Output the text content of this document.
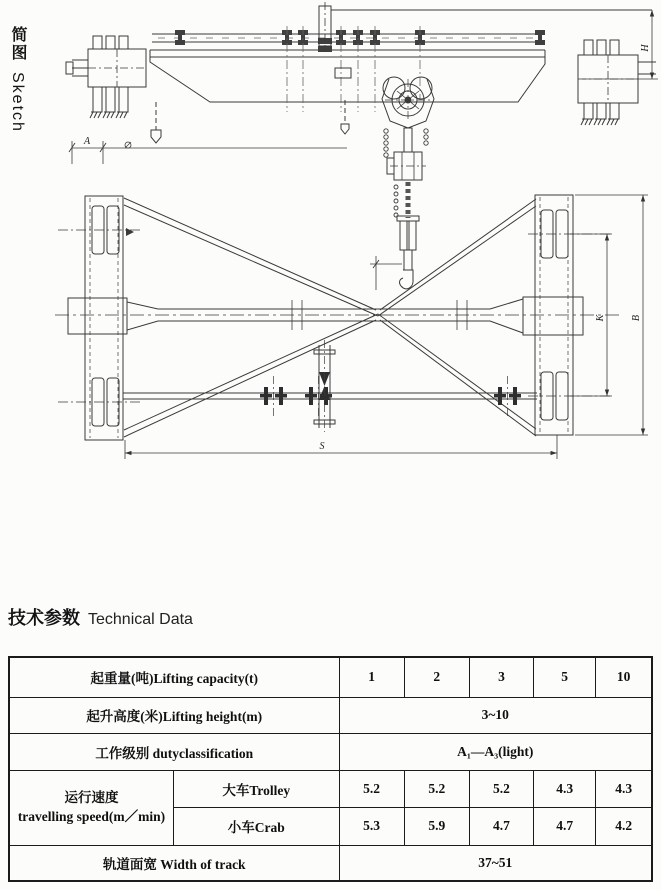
简图 Sketch
A
H
S
K	B
技术参数 Technical Data
起重量(吨)Lifting capacity(t)		1	2	3	5	10
起升高度(米)Lifting height(m)		3~10				
工作级别 dutyclassification		A₁—A₃(light)				

运行速度
travelling speed(m／min)	大车Trolley	5.2	5.2	5.2	4.3	4.3
	小车Crab	5.3	5.9	4.7	4.7	4.2
轨道面宽 Width of track		37~51				
